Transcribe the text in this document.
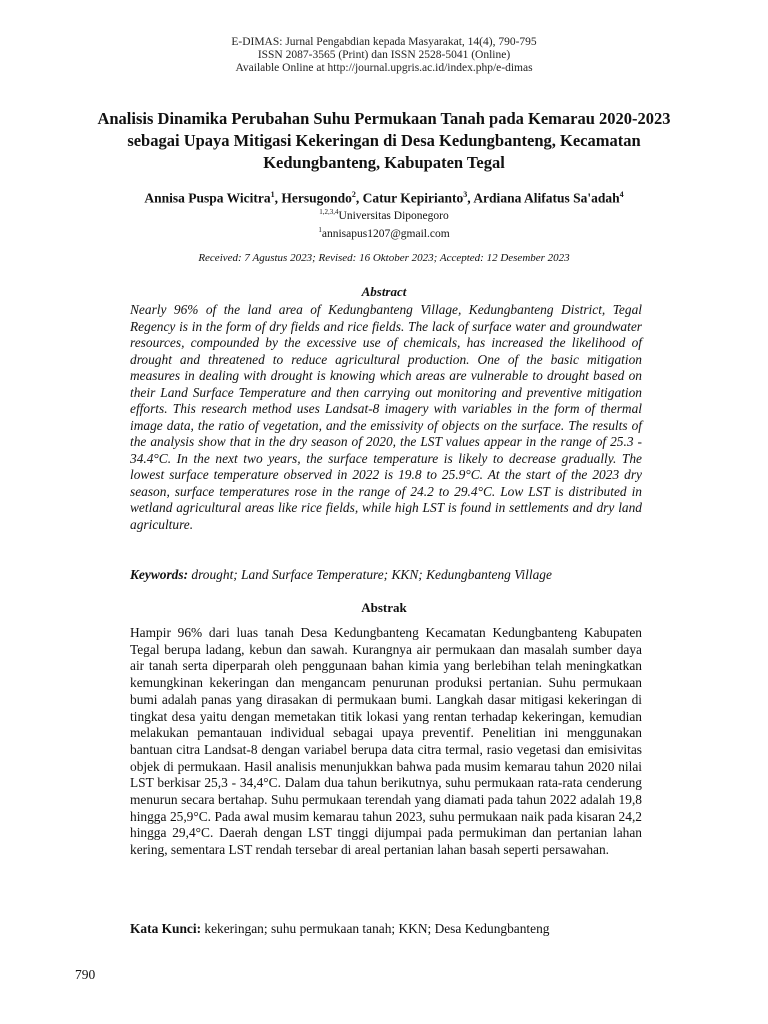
E-DIMAS: Jurnal Pengabdian kepada Masyarakat, 14(4), 790-795
ISSN 2087-3565 (Print) dan ISSN 2528-5041 (Online)
Available Online at http://journal.upgris.ac.id/index.php/e-dimas
Analisis Dinamika Perubahan Suhu Permukaan Tanah pada Kemarau 2020-2023 sebagai Upaya Mitigasi Kekeringan di Desa Kedungbanteng, Kecamatan Kedungbanteng, Kabupaten Tegal
Annisa Puspa Wicitra$^1$, Hersugondo$^2$, Catur Kepirianto$^3$, Ardiana Alifatus Sa'adah$^4$
$^{1,2,3,4}$Universitas Diponegoro
$^1$annisapus1207@gmail.com
Received: 7 Agustus 2023; Revised: 16 Oktober 2023; Accepted: 12 Desember 2023
Abstract
Nearly 96% of the land area of Kedungbanteng Village, Kedungbanteng District, Tegal Regency is in the form of dry fields and rice fields. The lack of surface water and groundwater resources, compounded by the excessive use of chemicals, has increased the likelihood of drought and threatened to reduce agricultural production. One of the basic mitigation measures in dealing with drought is knowing which areas are vulnerable to drought based on their Land Surface Temperature and then carrying out monitoring and preventive mitigation efforts. This research method uses Landsat-8 imagery with variables in the form of thermal image data, the ratio of vegetation, and the emissivity of objects on the surface. The results of the analysis show that in the dry season of 2020, the LST values appear in the range of 25.3 - 34.4°C. In the next two years, the surface temperature is likely to decrease gradually. The lowest surface temperature observed in 2022 is 19.8 to 25.9°C. At the start of the 2023 dry season, surface temperatures rose in the range of 24.2 to 29.4°C. Low LST is distributed in wetland agricultural areas like rice fields, while high LST is found in settlements and dry land agriculture.
Keywords: drought; Land Surface Temperature; KKN; Kedungbanteng Village
Abstrak
Hampir 96% dari luas tanah Desa Kedungbanteng Kecamatan Kedungbanteng Kabupaten Tegal berupa ladang, kebun dan sawah. Kurangnya air permukaan dan masalah sumber daya air tanah serta diperparah oleh penggunaan bahan kimia yang berlebihan telah meningkatkan kemungkinan kekeringan dan mengancam penurunan produksi pertanian. Suhu permukaan bumi adalah panas yang dirasakan di permukaan bumi. Langkah dasar mitigasi kekeringan di tingkat desa yaitu dengan memetakan titik lokasi yang rentan terhadap kekeringan, kemudian melakukan pemantauan individual sebagai upaya preventif. Penelitian ini menggunakan bantuan citra Landsat-8 dengan variabel berupa data citra termal, rasio vegetasi dan emisivitas objek di permukaan. Hasil analisis menunjukkan bahwa pada musim kemarau tahun 2020 nilai LST berkisar 25,3 - 34,4°C. Dalam dua tahun berikutnya, suhu permukaan rata-rata cenderung menurun secara bertahap. Suhu permukaan terendah yang diamati pada tahun 2022 adalah 19,8 hingga 25,9°C. Pada awal musim kemarau tahun 2023, suhu permukaan naik pada kisaran 24,2 hingga 29,4°C. Daerah dengan LST tinggi dijumpai pada permukiman dan pertanian lahan kering, sementara LST rendah tersebar di areal pertanian lahan basah seperti persawahan.
Kata Kunci: kekeringan; suhu permukaan tanah; KKN; Desa Kedungbanteng
790
